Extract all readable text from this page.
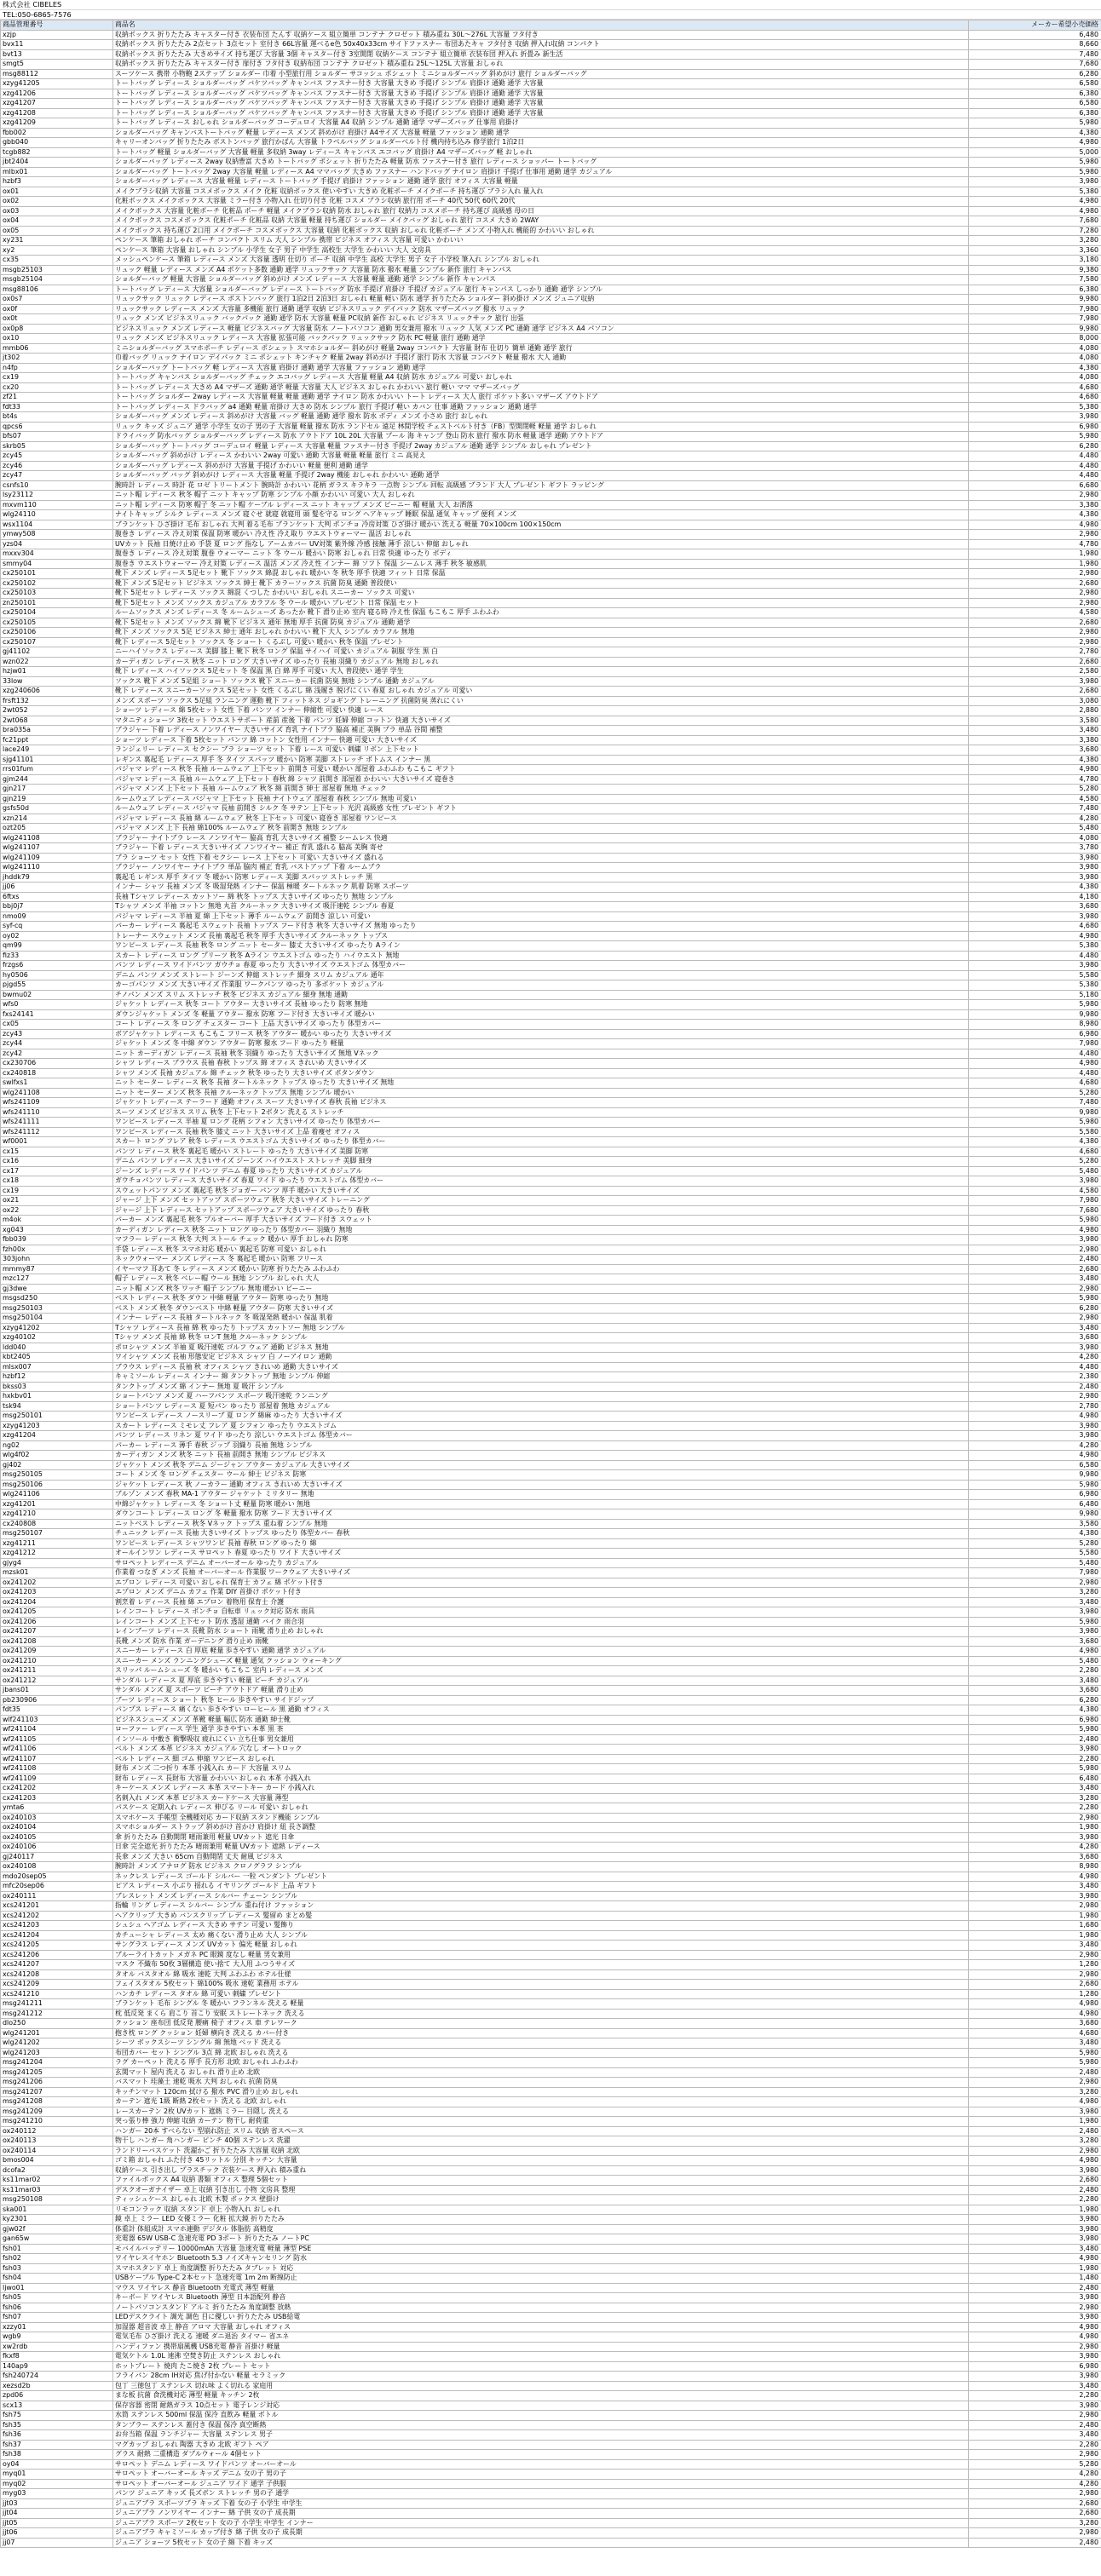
株式会社 CIBELES
TEL:050-6865-7576
商品管理番号	商品名	メーカー希望小売価格
xzjp	収納ボックス 折りたたみ キャスター付き 衣装布団 たんす 収納ケース 組立簡単 コンテナ クロゼット 積み重ね 30L〜276L 大容量 フタ付き	6,480
bvx11	収納ボックス 折りたたみ 2点セット 3点セット 室付き 66L容量 運べるe色 50x40x33cm サイドファスナー 布団あたキャ フタ付き 収納 押入れ収納 コンパクト	8,660
bvt13	収納ボックス 折りたたみ 大きめサイズ 持ち運び 大容量 3個 キャスター付き 3室開閉 収納ケース コンテナ 組立簡単 衣装布団 押入れ 折畳み 新生活	7,480
smgt5	収納ボックス 折りたたみ キャスター付き 扉付き フタ付き 収納布団 コンテナ クロゼット 積み重ね 25L〜125L 大容量 おしゃれ	7,680
msg88112	スーツケース 携帯 小物鞄 2ステップ ショルダー 巾着 小型旅行用 ショルダー サコッシュ ポシェット ミニショルダーバッグ 斜めがけ 旅行 ショルダーバッグ	6,280
xzyg41205	トートバッグ レディース ショルダーバッグ バケツバッグ キャンバス ファスナー付き 大容量 大きめ 手提げ シンプル 肩掛け 通勤 通学 大容量	6,580
xzg41206	トートバッグ レディース ショルダーバッグ バケツバッグ キャンバス ファスナー付き 大容量 大きめ 手提げ シンプル 肩掛け 通勤 通学 大容量	6,380
xzg41207	トートバッグ レディース ショルダーバッグ バケツバッグ キャンバス ファスナー付き 大容量 大きめ 手提げ シンプル 肩掛け 通勤 通学 大容量	6,580
xzg41208	トートバッグ レディース ショルダーバッグ バケツバッグ キャンバス ファスナー付き 大容量 大きめ 手提げ シンプル 肩掛け 通勤 通学 大容量	6,380
xzg41209	トートバッグ レディース おしゃれ ショルダーバッグ コーデュロイ 大容量 A4 収納 シンプル 通勤 通学 マザーズバッグ 仕事用 肩掛け	5,980
fbb002	ショルダーバッグ キャンバストートバッグ 軽量 レディース メンズ 斜めがけ 肩掛け A4サイズ 大容量 軽量 ファッション 通勤 通学	4,380
gbb040	キャリーオンバッグ 折りたたみ ボストンバッグ 旅行かばん 大容量 トラベルバッグ ショルダーベルト付 機内持ち込み 修学旅行 1泊2日	4,980
tcgb882	トートバッグ 軽量 ショルダーバッグ 大容量 軽量 多収納 3way レディース キャンバス エコバッグ 肩掛け A4 マザーズバッグ 軽 おしゃれ	5,000
jbt2404	ショルダーバッグ レディース 2way 収納豊富 大きめ トートバッグ ポシェット 折りたたみ 軽量 防水 ファスナー付き 旅行 レディース ショッパー トートバッグ	5,980
mlbx01	ショルダーバッグ トートバッグ 2way 大容量 軽量 レディース A4 ママバッグ 大きめ ファスナー ハンドバッグ ナイロン 肩掛け 手提げ 仕事用 通勤 通学 カジュアル	5,980
hzbf3	ショルダーバッグ レディース 大容量 軽量 レディース トートバッグ 手提げ 肩掛け ファッション 通勤 通学 旅行 オフィス 大容量 軽量	3,980
ox01	メイクブラシ収納 大容量 コスメボックス メイク 化粧 収納ボックス 使いやすい 大きめ 化粧ポーチ メイクポーチ 持ち運び ブラシ入れ 量入れ	5,380
ox02	化粧ボックス メイクボックス 大容量 ミラー付き 小物入れ 仕切り付き 化粧 コスメ ブラシ収納 旅行用 ポーチ 40代 50代 60代 20代	4,980
ox03	メイクボックス 大容量 化粧ポーチ 化粧品 ポーチ 軽量 メイクブラシ収納 防水 おしゃれ 旅行 収納力 コスメポーチ 持ち運び 高級感 母の日	4,980
ox04	メイクボックス コスメボックス 化粧ポーチ 化粧品 収納 大容量 軽量 持ち運び ショルダー メイクバッグ おしゃれ 旅行 コスメ 大きめ 2WAY	7,680
ox05	メイクボックス 持ち運び 2口用 メイクポーチ コスメボックス 大容量 収納 化粧ボックス 収納 おしゃれ 化粧ポーチ メンズ 小物入れ 機能的 かわいい おしゃれ	7,280
xy231	ペンケース 筆箱 おしゃれ ポーチ コンパクト スリム 大人 シンプル 携帯 ビジネス オフィス 大容量 可愛い かわいい	3,280
xy2	ペンケース 筆箱 大容量 おしゃれ シンプル 小学生 女子 男子 中学生 高校生 大学生 かわいい 大人 文房具	3,360
cx35	メッシュペンケース 筆箱 レディース メンズ 大容量 透明 仕切り ポーチ 収納 中学生 高校 大学生 男子 女子 小学校 筆入れ シンプル おしゃれ	3,180
msgb25103	リュック 軽量 レディース メンズ A4 ポケット多数 通勤 通学 リュックサック 大容量 防水 撥水 軽量 シンプル 新作 旅行 キャンパス	9,380
msgb25104	ショルダーバッグ 軽量 大容量 ショルダーバッグ 斜めがけ メンズ レディース 大容量 軽量 通勤 通学 シンプル 新作 キャンパス	7,580
msg88106	トートバッグ レディース 大容量 ショルダーバッグ レディース トートバッグ 防水 手提げ 肩掛け 手提げ カジュアル 旅行 キャンパス しっかり 通勤 通学 シンプル	6,380
ox0s7	リュックサック リュック レディース ボストンバッグ 旅行 1泊2日 2泊3日 おしゃれ 軽量 軽い 防水 通学 折りたたみ ショルダー 斜め掛け メンズ ジュニア収納	9,980
ox0f	リュックサック レディース メンズ 大容量 多機能 旅行 通勤 通学 収納 ビジネスリュック デイパック 防水 マザーズバッグ 撥水 リュック	7,980
ox0t	リュック メンズ ビジネスリュック バックパック 通勤 通学 防水 大容量 軽量 PC収納 新作 おしゃれ ビジネス リュックサック 旅行 出張	7,980
ox0p8	ビジネスリュック メンズ レディース 軽量 ビジネスバッグ 大容量 防水 ノートパソコン 通勤 男女兼用 撥水 リュック 人気 メンズ PC 通勤 通学 ビジネス A4 パソコン	9,980
ox10	リュック メンズ ビジネスリュック レディース 大容量 拡張可能 バックパック リュックサック 防水 PC 軽量 旅行 通勤 通学	8,000
mmb06	ミニショルダーバッグ スマホポーチ レディース ポシェット スマホショルダー 斜めがけ 軽量 2way コンパクト 大容量 財布 仕切り 簡単 通勤 通学 旅行	4,080
jt302	巾着バッグ リュック ナイロン デイパック ミニ ポシェット キンチャク 軽量 2way 斜めがけ 手提げ 旅行 防水 大容量 コンパクト 軽量 撥水 大人 通勤	4,080
n4fp	ショルダーバッグ トートバッグ 軽 レディース 大容量 肩掛け 通勤 通学 大容量 ファッション 通勤 通学	4,380
cx19	トートバッグ キャンバス ショルダーバッグ チェック エコバッグ レディース 大容量 軽量 A4 収納 防水 カジュアル 可愛い おしゃれ	4,080
cx20	トートバッグ レディース 大きめ A4 マザーズ 通勤 通学 軽量 大容量 大人 ビジネス おしゃれ かわいい 旅行 軽い ママ マザーズバッグ	4,680
zf21	トートバッグ ショルダー 2way レディース 大容量 軽量 軽量 通勤 通学 ナイロン 防水 かわいい トート レディース 大人 旅行 ポケット多い マザーズ アウトドア	4,680
fdt33	トートバッグ レディース ドラバッグ a4 通勤 軽量 肩掛け 大きめ 防水 シンプル 旅行 手提げ 軽い カバン 仕事 通勤 ファッション 通勤 通学	5,380
bt4s	ショルダーバッグ メンズ レディース 斜めがけ 大容量 バッグ 軽量 通勤 通学 撥水 防水 ボディ メンズ 小さめ 旅行 おしゃれ	3,980
qpcs6	リュック キッズ ジュニア 通学 小学生 女の子 男の子 大容量 軽量 撥水 防水 ランドセル 遠足 林間学校 チェストベルト付き（FB）型開閉軽 軽量 通学 おしゃれ	6,980
bfs07	ドライバッグ 防水バッグ ショルダーバッグ レディース 防水 アウトドア 10L 20L 大容量 プール 海 キャンプ 登山 防水 旅行 撥水 防水 軽量 通学 通勤 アウトドア	5,980
skrb05	ショルダーバッグ トートバッグ コーデュロイ 軽量 レディース 大容量 軽量 ファスナー付き 手提げ 2way カジュアル 通勤 通学 シンプル おしゃれ プレゼント	6,280
zcy45	ショルダーバッグ 斜めがけ レディース かわいい 2way 可愛い 通勤 大容量 軽量 軽量 旅行 ミニ 高見え	4,480
zcy46	ショルダーバッグ レディース 斜めがけ 大容量 手提げ かわいい 軽量 便利 通勤 通学	4,480
zcy47	ショルダーバッグ バッグ 斜めがけ レディース 大容量 軽量 手提げ 2way 機能 おしゃれ かわいい 通勤 通学	4,480
csnfs10	腕時計 レディース 時計 花 ロゼ トリートメント 腕時計 かわいい 花柄 ガラス キラキラ 一点物 シンプル 回転 高級感 ブランド 大人 プレゼント ギフト ラッピング	6,680
lsy23112	ニット帽 レディース 秋冬 帽子 ニット キャップ 防寒 シンプル 小顔 かわいい 可愛い 大人 おしゃれ	2,980
mxvm110	ニット帽 レディース 防寒 帽子 冬 ニット帽 ケーブル レディース ニット キャップ メンズ ビーニー 帽 軽量 大人 お洒落	3,380
wlg24110	ナイトキャップ シルク レディース メンズ 寝ぐせ 就寝 就寝用 頭 髪を守る ロング ヘアキャップ 睡眠 保温 通気 キャップ 便利 メンズ	4,380
wsx1104	ブランケット ひざ掛け 毛布 おしゃれ 大判 着る毛布 ブランケット 大判 ポンチョ 冷房対策 ひざ掛け 暖かい 洗える 軽量 70×100cm 100×150cm	4,980
ymwy508	腹巻き レディース 冷え対策 保温 防寒 暖かい 冷え性 冷え取り ウエストウォーマー 温活 おしゃれ	2,980
yzs04	UVカット 長袖 日焼け止め 手袋 夏 ロング 指なし アームカバー UV対策 紫外線 冷感 接触 薄手 涼しい 伸縮 おしゃれ	4,780
mxxv304	腹巻き レディース 冷え対策 腹巻 ウォーマー ニット 冬 ウール 暖かい 防寒 おしゃれ 日常 快適 ゆったり ボディ	1,980
smmy04	腹巻き ウエストウォーマー 冷え対策 レディース 温活 メンズ 冷え性 インナー 綿 ソフト 保温 シームレス 薄手 秋冬 敏感肌	1,980
cx250101	靴下 メンズ レディース 5足セット 靴下 ソックス 綿混 おしゃれ 暖かい 冬 秋冬 厚手 快適 フィット 日常 保温	2,980
cx250102	靴下 メンズ 5足セット ビジネス ソックス 紳士 靴下 カラーソックス 抗菌 防臭 通勤 普段使い	2,680
cx250103	靴下 5足セット レディース ソックス 綿混 くつした かわいい おしゃれ スニーカー ソックス 可愛い	2,980
zn250101	靴下 5足セット メンズ ソックス カジュアル カラフル 冬 ウール 暖かい プレゼント 日常 保温 セット	2,980
cx250104	ルームソックス メンズ レディース 冬 ルームシューズ あったか 靴下 滑り止め 室内 寝る時 冷え性 保温 もこもこ 厚手 ふわふわ	4,580
cx250105	靴下 5足セット メンズ ソックス 綿 靴下 ビジネス 通年 無地 厚手 抗菌 防臭 カジュアル 通勤 通学	2,680
cx250106	靴下 メンズ ソックス 5足 ビジネス 紳士 通年 おしゃれ かわいい 靴下 大人 シンプル カラフル 無地	2,980
cx250107	靴下 レディース 5足セット ソックス 冬 ショート くるぶし 可愛い 暖かい 秋冬 保温 プレゼント	2,980
gj41102	ニーハイソックス レディース 美脚 膝上 靴下 秋冬 ロング 保温 サイハイ 可愛い カジュアル 制服 学生 黒 白	2,780
wzn022	カーディガン レディース 秋冬 ニット ロング 大きいサイズ ゆったり 長袖 羽織り カジュアル 無地 おしゃれ	2,680
hzjw01	靴下 レディース ハイソックス 5足セット 冬 保温 黒 白 綿 厚手 可愛い 大人 普段使い 通学 学生	2,580
33low	ソックス 靴下 メンズ 5足組 ショート ソックス 靴下 スニーカー 抗菌 防臭 無地 シンプル 通勤 カジュアル	3,980
xzg240606	靴下 レディース スニーカーソックス 5足セット 女性 くるぶし 綿 浅履き 脱げにくい 春夏 おしゃれ カジュアル 可愛い	2,680
frsft132	メンズ スポーツ ソックス 5足組 ランニング 運動 靴下 フィットネス ジョギング トレーニング 抗菌防臭 蒸れにくい	3,080
2wt052	ショーツ レディース 綿 5枚セット 女性 下着 パンツ インナー 伸縮性 可愛い 快適 レース	2,880
2wt068	マタニティショーツ 3枚セット ウエストサポート 産前 産後 下着 パンツ 妊婦 伸縮 コットン 快適 大きいサイズ	3,580
bra035a	ブラジャー 下着 レディース ノンワイヤー 大きいサイズ 育乳 ナイトブラ 脇高 補正 美胸 ブラ 単品 谷間 補整	3,480
fc21ppt	ショーツ レディース 下着 5枚セット パンツ 綿 コットン 女性用 インナー 快適 可愛い 大きいサイズ	3,380
lace249	ランジェリー レディース セクシー ブラ ショーツ セット 下着 レース 可愛い 刺繍 リボン 上下セット	3,680
sjg41101	レギンス 裏起毛 レディース 厚手 冬 タイツ スパッツ 暖かい 防寒 美脚 ストレッチ ボトムス インナー 黒	4,380
rrs01fum	パジャマ レディース 秋冬 長袖 ルームウェア 上下セット 前開き 可愛い 暖かい 部屋着 ふわふわ もこもこ ギフト	4,980
gjm244	パジャマ レディース 長袖 ルームウェア 上下セット 春秋 綿 シャツ 前開き 部屋着 かわいい 大きいサイズ 寝巻き	4,780
gjn217	パジャマ メンズ 上下セット 長袖 ルームウェア 秋冬 綿 前開き 紳士 部屋着 無地 チェック	5,280
gjn219	ルームウェア レディース パジャマ 上下セット 長袖 ナイトウェア 部屋着 春秋 シンプル 無地 可愛い	4,580
gsfs50d	ルームウェア レディース パジャマ 長袖 前開き シルク 冬 サテン 上下セット 光沢 高級感 女性 プレゼント ギフト	7,480
xzn214	パジャマ レディース 長袖 綿 ルームウェア 秋冬 上下セット 可愛い 寝巻き 部屋着 ワンピース	4,280
ozt205	パジャマ メンズ 上下 長袖 綿100% ルームウェア 秋冬 前開き 無地 シンプル	5,480
wlg241108	ブラジャー ナイトブラ レース ノンワイヤー 脇高 育乳 大きいサイズ 補整 シームレス 快適	4,080
wlg241107	ブラジャー 下着 レディース 大きいサイズ ノンワイヤー 補正 育乳 盛れる 脇高 美胸 寄せ	3,780
wlg241109	ブラ ショーツ セット 女性 下着 セクシー レース 上下セット 可愛い 大きいサイズ 盛れる	3,980
wlg241110	ブラジャー ノンワイヤー ナイトブラ 単品 脇肉 補正 育乳 バストアップ 下着 ルームブラ	3,980
jhddk79	裏起毛 レギンス 厚手 タイツ 冬 暖かい 防寒 レディース 美脚 スパッツ ストレッチ 黒	3,980
jj06	インナー シャツ 長袖 メンズ 冬 吸湿発熱 インナー 保温 極暖 タートルネック 肌着 防寒 スポーツ	4,380
6ftxs	長袖 Tシャツ レディース カットソー 綿 秋冬 トップス 大きいサイズ ゆったり 無地 シンプル	4,180
bbj0j7	Tシャツ メンズ 半袖 コットン 無地 丸首 クルーネック 大きいサイズ 吸汗速乾 シンプル 春夏	3,680
nmo09	パジャマ レディース 半袖 夏 綿 上下セット 薄手 ルームウェア 前開き 涼しい 可愛い	3,980
syf-cq	パーカー レディース 裏起毛 スウェット 長袖 トップス フード付き 秋冬 大きいサイズ 無地 ゆったり	4,680
oy02	トレーナー スウェット メンズ 長袖 裏起毛 秋冬 厚手 大きいサイズ クルーネック トップス	4,980
qm99	ワンピース レディース 長袖 秋冬 ロング ニット セーター 膝丈 大きいサイズ ゆったり Aライン	5,380
fiz33	スカート レディース ロング プリーツ 秋冬 Aライン ウエストゴム ゆったり ハイウエスト 無地	4,480
frzgs6	パンツ レディース ワイドパンツ ガウチョ 春夏 ゆったり 大きいサイズ ウエストゴム 体型カバー	3,980
hy0506	デニム パンツ メンズ ストレート ジーンズ 伸縮 ストレッチ 細身 スリム カジュアル 通年	5,580
pjgd55	カーゴパンツ メンズ 大きいサイズ 作業服 ワークパンツ ゆったり 多ポケット カジュアル	5,380
bwmu02	チノパン メンズ スリム ストレッチ 秋冬 ビジネス カジュアル 細身 無地 通勤	5,180
wfs0	ジャケット レディース 秋冬 コート アウター 大きいサイズ 長袖 ゆったり 防寒 無地	5,980
fxs24141	ダウンジャケット メンズ 冬 軽量 アウター 撥水 防寒 フード付き 大きいサイズ 暖かい	9,980
cx05	コート レディース 冬 ロング チェスター コート 上品 大きいサイズ ゆったり 体型カバー	8,980
zcy43	ボアジャケット レディース もこもこ フリース 秋冬 アウター 暖かい ゆったり 大きいサイズ	6,980
zcy44	ジャケット メンズ 冬 中綿 ダウン アウター 防寒 撥水 フード ゆったり 軽量	7,980
zcy42	ニット カーディガン レディース 長袖 秋冬 羽織り ゆったり 大きいサイズ 無地 Vネック	4,480
cx230706	シャツ レディース ブラウス 長袖 春秋 トップス 綿 オフィス きれいめ 大きいサイズ	4,980
cx240818	シャツ メンズ 長袖 カジュアル 綿 チェック 秋冬 ゆったり 大きいサイズ ボタンダウン	4,480
swlfxs1	ニット セーター レディース 秋冬 長袖 タートルネック トップス ゆったり 大きいサイズ 無地	4,680
wlg241108	ニット セーター メンズ 秋冬 長袖 クルーネック トップス 無地 シンプル 暖かい	5,280
wfs241109	ジャケット レディース テーラード 通勤 オフィス スーツ 大きいサイズ 春秋 長袖 ビジネス	7,480
wfs241110	スーツ メンズ ビジネス スリム 秋冬 上下セット 2ボタン 洗える ストレッチ	9,980
wfs241111	ワンピース レディース 半袖 夏 ロング 花柄 シフォン 大きいサイズ ゆったり 体型カバー	5,980
wfs241112	ワンピース レディース 長袖 秋冬 膝丈 ニット 大きいサイズ 上品 着痩せ オフィス	5,580
wf0001	スカート ロング フレア 秋冬 レディース ウエストゴム 大きいサイズ ゆったり 体型カバー	4,380
cx15	パンツ レディース 秋冬 裏起毛 暖かい ストレート ゆったり 大きいサイズ 美脚 防寒	4,680
cx16	デニム パンツ レディース 大きいサイズ ジーンズ ハイウエスト ストレッチ 美脚 細身	5,280
cx17	ジーンズ レディース ワイドパンツ デニム 春夏 ゆったり 大きいサイズ カジュアル	5,480
cx18	ガウチョパンツ レディース 大きいサイズ 春夏 ワイド ゆったり ウエストゴム 体型カバー	3,980
cx19	スウェットパンツ メンズ 裏起毛 秋冬 ジョガー パンツ 厚手 暖かい 大きいサイズ	4,580
ox21	ジャージ 上下 メンズ セットアップ スポーツウェア 秋冬 大きいサイズ トレーニング	7,980
ox22	ジャージ 上下 レディース セットアップ スポーツウェア 大きいサイズ ゆったり 春秋	7,680
m4ok	パーカー メンズ 裏起毛 秋冬 プルオーバー 厚手 大きいサイズ フード付き スウェット	5,980
xg043	カーディガン レディース 秋冬 ニット ロング ゆったり 体型カバー 羽織り 無地	4,980
fbb039	マフラー レディース 秋冬 大判 ストール チェック 暖かい 厚手 おしゃれ 防寒	3,980
fzh00x	手袋 レディース 秋冬 スマホ対応 暖かい 裏起毛 防寒 可愛い おしゃれ	2,980
303john	ネックウォーマー メンズ レディース 冬 裏起毛 暖かい 防寒 フリース	2,480
mmmy87	イヤーマフ 耳あて 冬 レディース メンズ 暖かい 防寒 折りたたみ ふわふわ	2,680
mzc127	帽子 レディース 秋冬 ベレー帽 ウール 無地 シンプル おしゃれ 大人	3,480
gj3dwe	ニット帽 メンズ 秋冬 ワッチ 帽子 シンプル 無地 暖かい ビーニー	2,980
msgsd250	ベスト レディース 秋冬 ダウン 中綿 軽量 アウター 防寒 ゆったり 無地	5,980
msg250103	ベスト メンズ 秋冬 ダウンベスト 中綿 軽量 アウター 防寒 大きいサイズ	6,280
msg250104	インナー レディース 長袖 タートルネック 冬 吸湿発熱 暖かい 保温 肌着	2,980
xzyg41202	Tシャツ レディース 長袖 綿 秋 ゆったり トップス カットソー 無地 シンプル	3,480
xzg40102	Tシャツ メンズ 長袖 綿 秋冬 ロンT 無地 クルーネック シンプル	3,680
ldd040	ポロシャツ メンズ 半袖 夏 吸汗速乾 ゴルフ ウェア 通勤 ビジネス 無地	3,980
kbt2405	ワイシャツ メンズ 長袖 形態安定 ビジネス シャツ 白 ノーアイロン 通勤	4,280
mlsx007	ブラウス レディース 長袖 秋 オフィス シャツ きれいめ 通勤 大きいサイズ	4,480
hzbf12	キャミソール レディース インナー 綿 タンクトップ 無地 シンプル 伸縮	2,380
bkss03	タンクトップ メンズ 綿 インナー 無地 夏 吸汗 シンプル	2,480
hxkbv01	ショートパンツ メンズ 夏 ハーフパンツ スポーツ 吸汗速乾 ランニング	2,980
tsk94	ショートパンツ レディース 夏 短パン ゆったり 部屋着 無地 カジュアル	2,780
msg250101	ワンピース レディース ノースリーブ 夏 ロング 綿麻 ゆったり 大きいサイズ	4,980
xzyg41203	スカート レディース ミモレ丈 フレア 夏 シフォン ゆったり ウエストゴム	3,980
xzg41204	パンツ レディース リネン 夏 ワイド ゆったり 涼しい ウエストゴム 体型カバー	3,980
ng02	パーカー レディース 薄手 春秋 ジップ 羽織り 長袖 無地 シンプル	4,280
wlg4f02	カーディガン メンズ 秋冬 ニット 長袖 前開き 無地 シンプル ビジネス	4,980
gj402	ジャケット メンズ 秋冬 デニム ジージャン アウター カジュアル 大きいサイズ	6,580
msg250105	コート メンズ 冬 ロング チェスター ウール 紳士 ビジネス 防寒	9,980
msg250106	ジャケット レディース 秋 ノーカラー 通勤 オフィス きれいめ 大きいサイズ	5,980
wlg241106	ブルゾン メンズ 春秋 MA-1 アウター ジャケット ミリタリー 無地	6,980
xzg41201	中綿ジャケット レディース 冬 ショート丈 軽量 防寒 暖かい 無地	6,480
xzg41210	ダウンコート レディース ロング 冬 軽量 撥水 防寒 フード 大きいサイズ	9,980
cx240808	ニットベスト レディース 秋冬 Vネック トップス 重ね着 シンプル 無地	3,580
msg250107	チュニック レディース 長袖 大きいサイズ トップス ゆったり 体型カバー 春秋	4,380
xzg41211	ワンピース レディース シャツワンピ 長袖 春秋 ロング ゆったり 綿	5,280
xzg41212	オールインワン レディース サロペット 春夏 ゆったり ワイド 大きいサイズ	5,580
gjyg4	サロペット レディース デニム オーバーオール ゆったり カジュアル	5,480
mzsk01	作業着 つなぎ メンズ 長袖 オーバーオール 作業服 ワークウェア 大きいサイズ	7,980
ox241202	エプロン レディース 可愛い おしゃれ 保育士 カフェ 綿 ポケット付き	2,980
ox241203	エプロン メンズ デニム カフェ 作業 DIY 首掛け ポケット付き	3,280
ox241204	割烹着 レディース 長袖 綿 エプロン 着物用 保育士 介護	3,480
ox241205	レインコート レディース ポンチョ 自転車 リュック対応 防水 雨具	3,980
ox241206	レインコート メンズ 上下セット 防水 透湿 通勤 バイク 雨合羽	5,980
ox241207	レインブーツ レディース 長靴 防水 ショート 雨靴 滑り止め おしゃれ	3,980
ox241208	長靴 メンズ 防水 作業 ガーデニング 滑り止め 雨靴	3,680
ox241209	スニーカー レディース 白 厚底 軽量 歩きやすい 通勤 通学 カジュアル	4,980
ox241210	スニーカー メンズ ランニングシューズ 軽量 通気 クッション ウォーキング	5,480
ox241211	スリッパ ルームシューズ 冬 暖かい もこもこ 室内 レディース メンズ	2,280
ox241212	サンダル レディース 夏 厚底 歩きやすい 軽量 ビーチ カジュアル	3,480
jbans01	サンダル メンズ 夏 スポーツ ビーチ アウトドア 軽量 滑り止め	3,680
pb230906	ブーツ レディース ショート 秋冬 ヒール 歩きやすい サイドジップ	6,280
fdt35	パンプス レディース 痛くない 歩きやすい ローヒール 黒 通勤 オフィス	4,380
wlf241103	ビジネスシューズ メンズ 革靴 軽量 幅広 防水 通勤 紳士靴	6,980
wf241104	ローファー レディース 学生 通学 歩きやすい 本革 黒 茶	5,980
wf241105	インソール 中敷き 衝撃吸収 疲れにくい 立ち仕事 男女兼用	2,480
wf241106	ベルト メンズ 本革 ビジネス カジュアル 穴なし オートロック	3,980
wf241107	ベルト レディース 細 ゴム 伸縮 ワンピース おしゃれ	2,280
wf241108	財布 メンズ 二つ折り 本革 小銭入れ カード 大容量 スリム	5,980
wf241109	財布 レディース 長財布 大容量 かわいい おしゃれ 本革 小銭入れ	6,480
cx241202	キーケース メンズ レディース 本革 スマートキー カード 小銭入れ	3,480
cx241203	名刺入れ メンズ 本革 ビジネス カードケース 大容量 薄型	3,280
ymta6	パスケース 定期入れ レディース 伸びる リール 可愛い おしゃれ	2,280
ox240103	スマホケース 手帳型 全機種対応 カード収納 スタンド機能 シンプル	2,980
ox240104	スマホショルダー ストラップ 斜めがけ 首かけ 肩掛け 紐 長さ調整	1,980
ox240105	傘 折りたたみ 自動開閉 晴雨兼用 軽量 UVカット 遮光 日傘	3,980
ox240106	日傘 完全遮光 折りたたみ 晴雨兼用 軽量 UVカット 遮熱 レディース	4,280
gj240117	長傘 メンズ 大きい 65cm 自動開閉 丈夫 耐風 ビジネス	3,680
ox240108	腕時計 メンズ アナログ 防水 ビジネス クロノグラフ シンプル	8,980
mdo20sep05	ネックレス レディース ゴールド シルバー 一粒 ペンダント プレゼント	4,980
mfc20sep06	ピアス レディース 小ぶり 揺れる イヤリング ゴールド 上品 ギフト	3,480
ox240111	ブレスレット メンズ レディース シルバー チェーン シンプル	3,980
xcs241201	指輪 リング レディース シルバー シンプル 重ね付け ファッション	2,980
xcs241202	ヘアクリップ 大きめ バンスクリップ レディース 髪留め まとめ髪	1,980
xcs241203	シュシュ ヘアゴム レディース 大きめ サテン 可愛い 髪飾り	1,680
xcs241204	カチューシャ レディース 太め 痛くない 滑り止め 大人 シンプル	1,980
xcs241205	サングラス レディース メンズ UVカット 偏光 軽量 おしゃれ	3,480
xcs241206	ブルーライトカット メガネ PC 眼鏡 度なし 軽量 男女兼用	2,980
xcs241207	マスク 不織布 50枚 3層構造 使い捨て 大人用 ふつうサイズ	1,280
xcs241208	タオル バスタオル 綿 吸水 速乾 大判 ふわふわ ホテル仕様	2,980
xcs241209	フェイスタオル 5枚セット 綿100% 吸水 速乾 業務用 ホテル	2,680
xcs241210	ハンカチ レディース タオル 綿 可愛い 刺繍 プレゼント	1,280
msg241211	ブランケット 毛布 シングル 冬 暖かい フランネル 洗える 軽量	4,980
msg241212	枕 低反発 まくら 肩こり 首こり 安眠 ストレートネック 洗える	4,980
dlo250	クッション 座布団 低反発 腰痛 椅子 オフィス 車 テレワーク	3,680
wlg241201	抱き枕 ロング クッション 妊婦 横向き 洗える カバー付き	4,680
wlg241202	シーツ ボックスシーツ シングル 綿 無地 ベッド 洗える	3,480
wlg241203	布団カバー セット シングル 3点 綿 北欧 おしゃれ 洗える	5,980
msg241204	ラグ カーペット 洗える 厚手 長方形 北欧 おしゃれ ふわふわ	5,980
msg241205	玄関マット 屋内 洗える おしゃれ 滑り止め 北欧	2,480
msg241206	バスマット 珪藻土 速乾 吸水 大判 おしゃれ 抗菌 防臭	2,980
msg241207	キッチンマット 120cm 拭ける 撥水 PVC 滑り止め おしゃれ	3,280
msg241208	カーテン 遮光 1級 断熱 2枚セット 洗える 北欧 おしゃれ	4,980
msg241209	レースカーテン 2枚 UVカット 遮熱 ミラー 目隠し 洗える	3,980
msg241210	突っ張り棒 強力 伸縮 収納 カーテン 物干し 耐荷重	1,980
ox240112	ハンガー 20本 すべらない 型崩れ防止 スリム 収納 省スペース	2,480
ox240113	物干し ハンガー 角ハンガー ピンチ 40個 ステンレス 洗濯	3,280
ox240114	ランドリーバスケット 洗濯かご 折りたたみ 大容量 収納 北欧	2,980
bmos004	ゴミ箱 おしゃれ ふた付き 45リットル 分別 キッチン 大容量	4,980
dcofa2	収納ケース 引き出し プラスチック 衣装ケース 押入れ 積み重ね	3,980
ks11mar02	ファイルボックス A4 収納 書類 オフィス 整理 5個セット	2,680
ks11mar03	デスクオーガナイザー 卓上 収納 引き出し 小物 文房具 整理	2,480
msg250108	ティッシュケース おしゃれ 北欧 木製 ボックス 壁掛け	2,280
ska001	リモコンラック 収納 スタンド 卓上 小物入れ おしゃれ	1,980
ky2301	鏡 卓上 ミラー LED 女優ミラー 化粧 拡大鏡 折りたたみ	3,980
gjw02f	体重計 体組成計 スマホ連動 デジタル 体脂肪 高精度	3,980
gan65w	充電器 65W USB-C 急速充電 PD 3ポート 折りたたみ ノートPC	3,980
fsh01	モバイルバッテリー 10000mAh 大容量 急速充電 軽量 薄型 PSE	3,480
fsh02	ワイヤレスイヤホン Bluetooth 5.3 ノイズキャンセリング 防水	4,980
fsh03	スマホスタンド 卓上 角度調整 折りたたみ タブレット 対応	1,980
fsh04	USBケーブル Type-C 2本セット 急速充電 1m 2m 断線防止	1,480
ljwo01	マウス ワイヤレス 静音 Bluetooth 充電式 薄型 軽量	2,480
fsh05	キーボード ワイヤレス Bluetooth 薄型 日本語配列 静音	3,980
fsh06	ノートパソコンスタンド アルミ 折りたたみ 角度調整 放熱	2,980
fsh07	LEDデスクライト 調光 調色 目に優しい 折りたたみ USB給電	3,980
xzzy01	加湿器 超音波 卓上 静音 アロマ 大容量 おしゃれ オフィス	4,980
wgb9	電気毛布 ひざ掛け 洗える 速暖 ダニ退治 タイマー 省エネ	4,980
xw2rdb	ハンディファン 携帯扇風機 USB充電 静音 首掛け 軽量	2,980
fkxf8	電気ケトル 1.0L 速沸 空焚き防止 ステンレス おしゃれ	3,980
140ap9	ホットプレート 焼肉 たこ焼き 2枚 プレート セット	6,980
fsh240724	フライパン 28cm IH対応 焦げ付かない 軽量 セラミック	3,980
xezsd2b	包丁 三徳包丁 ステンレス 切れ味 よく切れる 家庭用	3,480
zpd06	まな板 抗菌 食洗機対応 薄型 軽量 キッチン 2枚	2,280
scx13	保存容器 密閉 耐熱ガラス 10点セット 電子レンジ対応	3,980
fsh75	水筒 ステンレス 500ml 保温 保冷 直飲み 軽量 ボトル	2,980
fsh35	タンブラー ステンレス 蓋付き 保温 保冷 真空断熱	2,480
fsh36	お弁当箱 保温 ランチジャー 大容量 ステンレス 男子	3,480
fsh37	マグカップ おしゃれ 陶器 大きめ 北欧 ギフト ペア	2,280
fsh38	グラス 耐熱 二重構造 ダブルウォール 4個セット	2,980
oy04	サロペット デニム レディース ワイドパンツ オーバーオール	5,280
myq01	サロペット オーバーオール キッズ デニム 女の子 男の子	4,280
myq02	サロペット オーバーオール ジュニア ワイド 通学 子供服	4,280
myg03	パンツ ジュニア キッズ 長ズボン ストレッチ 男の子 通学	2,980
jjt03	ジュニアブラ スポーツブラ キッズ 下着 女の子 小学生 中学生	2,680
jjt04	ジュニアブラ ノンワイヤー インナー 綿 子供 女の子 成長期	2,680
jjt05	ジュニアブラ スポーツ 2枚セット 女の子 小学生 中学生 インナー	3,280
jjt06	ジュニアブラ キャミソール カップ付き 綿 子供 女の子 成長期	2,980
jj07	ジュニア ショーツ 5枚セット 女の子 綿 下着 キッズ	2,480
